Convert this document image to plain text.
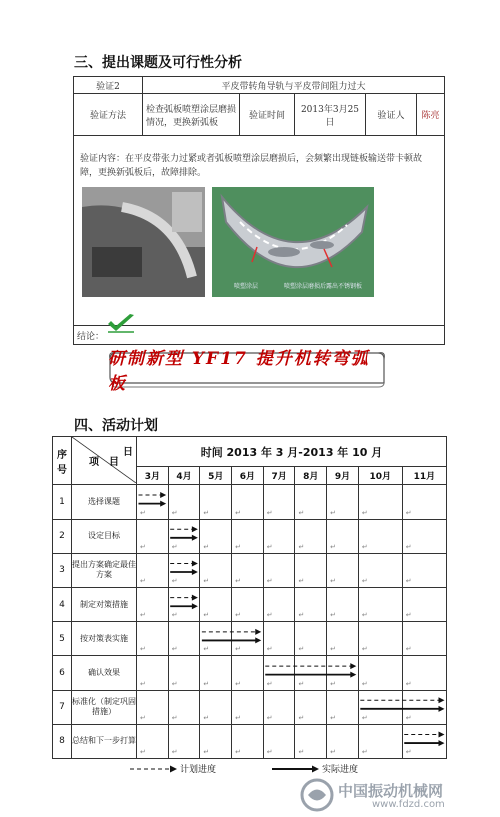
三、提出课题及可行性分析
验证2	平皮带转角导轨与平皮带间阻力过大				
验证方法	检查弧板喷塑涂层磨损情况，更换新弧板	验证时间	2013年3月25日	验证人	陈亮

结论：					
验证内容：在平皮带张力过紧或者弧板喷塑涂层磨损后，会频繁出现链板输送带卡顿故障，更换新弧板后，故障排除。
喷塑涂层	喷塑涂层磨损后露出不锈钢板
研制新型 YF17 提升机转弯弧板
四、活动计划
序号	项　目
日	时间 2013 年 3 月-2013 年 10 月								
		3月	4月	5月	6月	7月	8月	9月	10月	11月
1	选择课题	↵	↵	↵	↵	↵	↵	↵	↵	↵

2	设定目标	↵	↵	↵	↵	↵	↵	↵	↵	↵

3	提出方案确定最佳方案	↵	↵	↵	↵	↵	↵	↵	↵	↵

4	制定对策措施	↵	↵	↵	↵	↵	↵	↵	↵	↵

5	按对策表实施	↵	↵	↵	↵	↵	↵	↵	↵	↵

6	确认效果	↵	↵	↵	↵	↵	↵	↵	↵	↵

7	标准化（制定巩固措施）	↵	↵	↵	↵	↵	↵	↵	↵	↵

8	总结和下一步打算	↵	↵	↵	↵	↵	↵	↵	↵	↵
计划进度	实际进度
中国振动机械网
www.fdzd.com
